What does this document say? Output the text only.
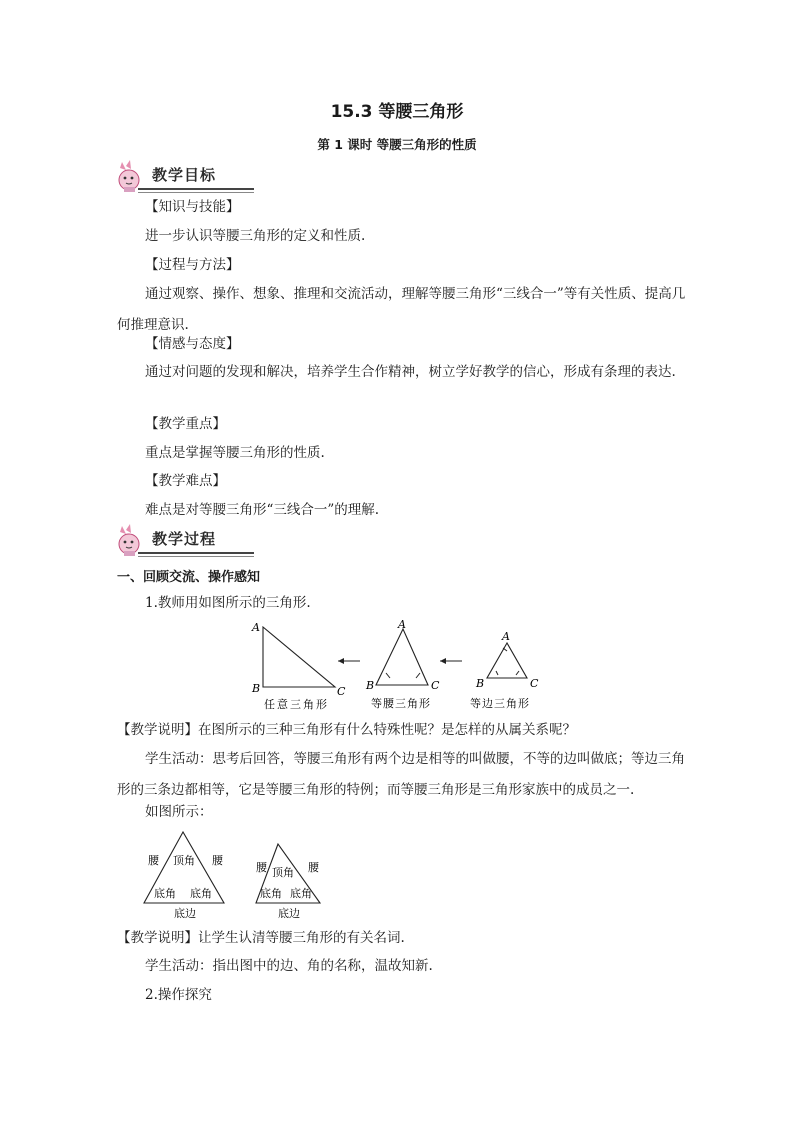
15.3 等腰三角形
第 1 课时 等腰三角形的性质
教学目标
【知识与技能】
进一步认识等腰三角形的定义和性质.
【过程与方法】
通过观察、操作、想象、推理和交流活动，理解等腰三角形“三线合一”等有关性质、提高几何推理意识.
【情感与态度】
通过对问题的发现和解决，培养学生合作精神，树立学好教学的信心，形成有条理的表达.
【教学重点】
重点是掌握等腰三角形的性质.
【教学难点】
难点是对等腰三角形“三线合一”的理解.
教学过程
一、回顾交流、操作感知
1.教师用如图所示的三角形.
A
B	C
任意三角形
A
B	C
等腰三角形
A
B	C
等边三角形
【教学说明】在图所示的三种三角形有什么特殊性呢？是怎样的从属关系呢？
学生活动：思考后回答，等腰三角形有两个边是相等的叫做腰，不等的边叫做底；等边三角形的三条边都相等，它是等腰三角形的特例；而等腰三角形是三角形家族中的成员之一.
如图所示：
腰	腰
顶角
底角 底角
底边
腰	腰
顶角
底角 底角
底边
【教学说明】让学生认清等腰三角形的有关名词.
学生活动：指出图中的边、角的名称，温故知新.
2.操作探究
